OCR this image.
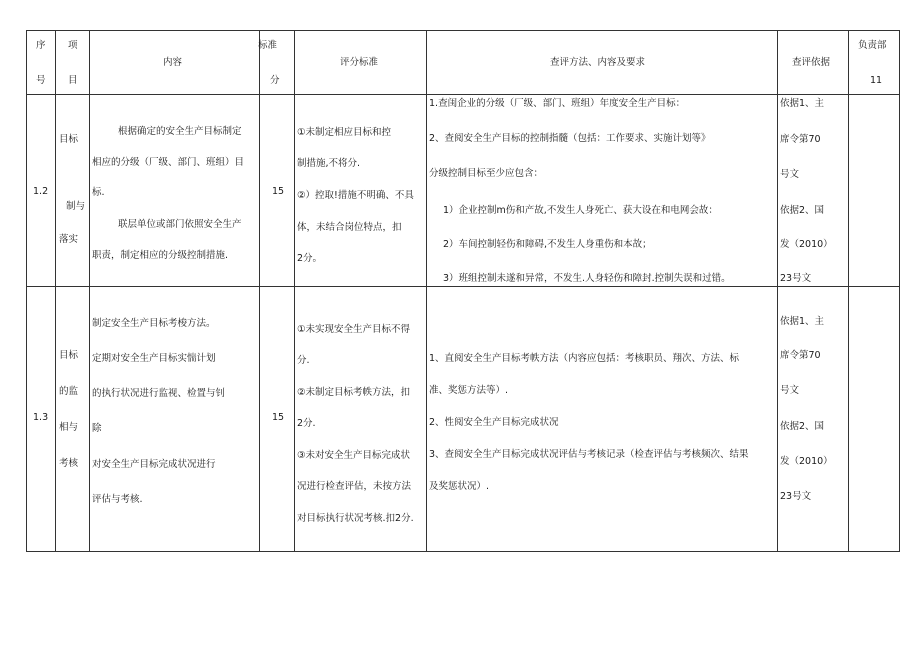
序
号
项
目
内容
标准
分
评分标准	查评方法、内容及要求	查评依据
负责部
11
1.2
目标
制与
落实
根据确定的安全生产目标制定
相应的分级（厂级、部门、班组）目
标.
联层单位或部门依照安全生产
职责，制定相应的分级控制措施.
15
①未制定相应目标和控
制措施,不将分.
②）控取!措施不明确、不具
体，未结合岗位特点，扣
2分。
1.查闺企业的分级（厂级、部门、班组）年度安全生产目标：
2、查阅安全生产目标的控制指髓（包括：工作要求、实施计划等》
分级控制目标至少应包含：
1）企业控制m伤和产故,不发生人身死亡、获大设在和电网会故：
2）车间控制轻伤和障碍,不发生人身重伤和本故；
3）班组控制未遂和异常，不发生.人身轻伤和障封.控制失误和过错。
依据1、主
席令第70
号文
依据2、国
发（2010）
23号文
1.3
目标
的监
相与
考核
制定安全生产目标考梭方法。
定期对安全生产目标实惴计划
的执行状况进行监视、检置与钊
除
对安全生产目标完成状况进行
评估与考核.
15
①未实现安全生产目标不得
分.
②未制定目标考帙方法，扣
2分.
③未对安全生产目标完成状
况进行检查评估，未按方法
对目标执行状况考核.扣2分.
1、直阅安全生产目标考帙方法（内容应包括：考核职员、翔次、方法、标
准、奖惩方法等）.
2、性阅安全生产目标完成状况
3、查阅安全生产目标完成状况评估与考核记录（检查评估与考核频次、结果
及奖惩状况）.
依据1、主
席令第70
号文
依据2、国
发（2010）
23号文
